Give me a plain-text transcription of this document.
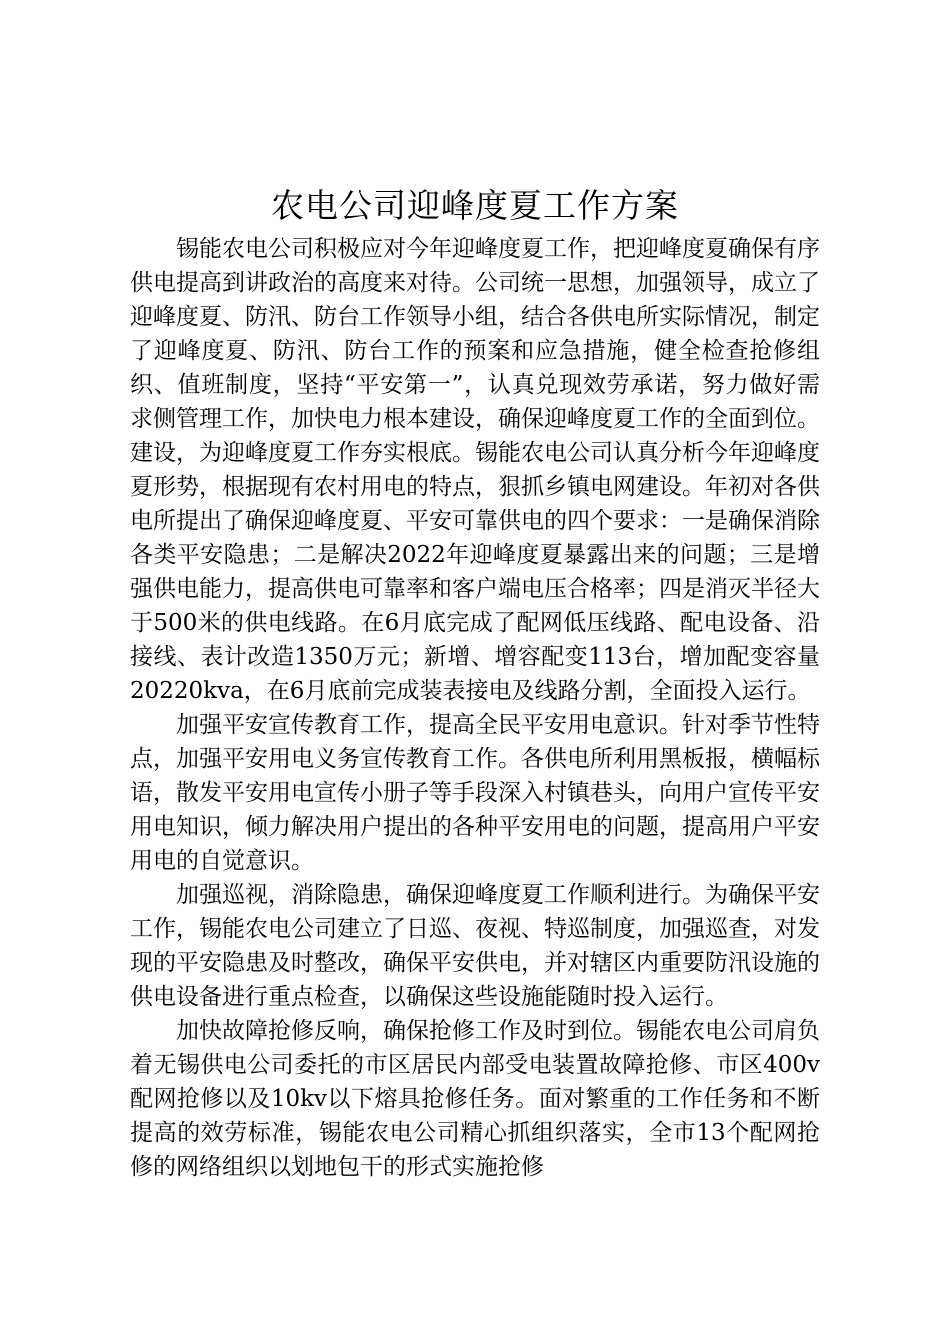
农电公司迎峰度夏工作方案

锡能农电公司积极应对今年迎峰度夏工作，把迎峰度夏确保有序供电提高到讲政治的高度来对待。公司统一思想，加强领导，成立了迎峰度夏、防汛、防台工作领导小组，结合各供电所实际情况，制定了迎峰度夏、防汛、防台工作的预案和应急措施，健全检查抢修组织、值班制度，坚持“平安第一”，认真兑现效劳承诺，努力做好需求侧管理工作，加快电力根本建设，确保迎峰度夏工作的全面到位。建设，为迎峰度夏工作夯实根底。锡能农电公司认真分析今年迎峰度夏形势，根据现有农村用电的特点，狠抓乡镇电网建设。年初对各供电所提出了确保迎峰度夏、平安可靠供电的四个要求：一是确保消除各类平安隐患；二是解决2022年迎峰度夏暴露出来的问题；三是增强供电能力，提高供电可靠率和客户端电压合格率；四是消灭半径大于500米的供电线路。在6月底完成了配网低压线路、配电设备、沿接线、表计改造1350万元；新增、增容配变113台，增加配变容量20220kva，在6月底前完成装表接电及线路分割，全面投入运行。

加强平安宣传教育工作，提高全民平安用电意识。针对季节性特点，加强平安用电义务宣传教育工作。各供电所利用黑板报，横幅标语，散发平安用电宣传小册子等手段深入村镇巷头，向用户宣传平安用电知识，倾力解决用户提出的各种平安用电的问题，提高用户平安用电的自觉意识。

加强巡视，消除隐患，确保迎峰度夏工作顺利进行。为确保平安工作，锡能农电公司建立了日巡、夜视、特巡制度，加强巡查，对发现的平安隐患及时整改，确保平安供电，并对辖区内重要防汛设施的供电设备进行重点检查，以确保这些设施能随时投入运行。

加快故障抢修反响，确保抢修工作及时到位。锡能农电公司肩负着无锡供电公司委托的市区居民内部受电装置故障抢修、市区400v配网抢修以及10kv以下熔具抢修任务。面对繁重的工作任务和不断提高的效劳标准，锡能农电公司精心抓组织落实，全市13个配网抢修的网络组织以划地包干的形式实施抢修
